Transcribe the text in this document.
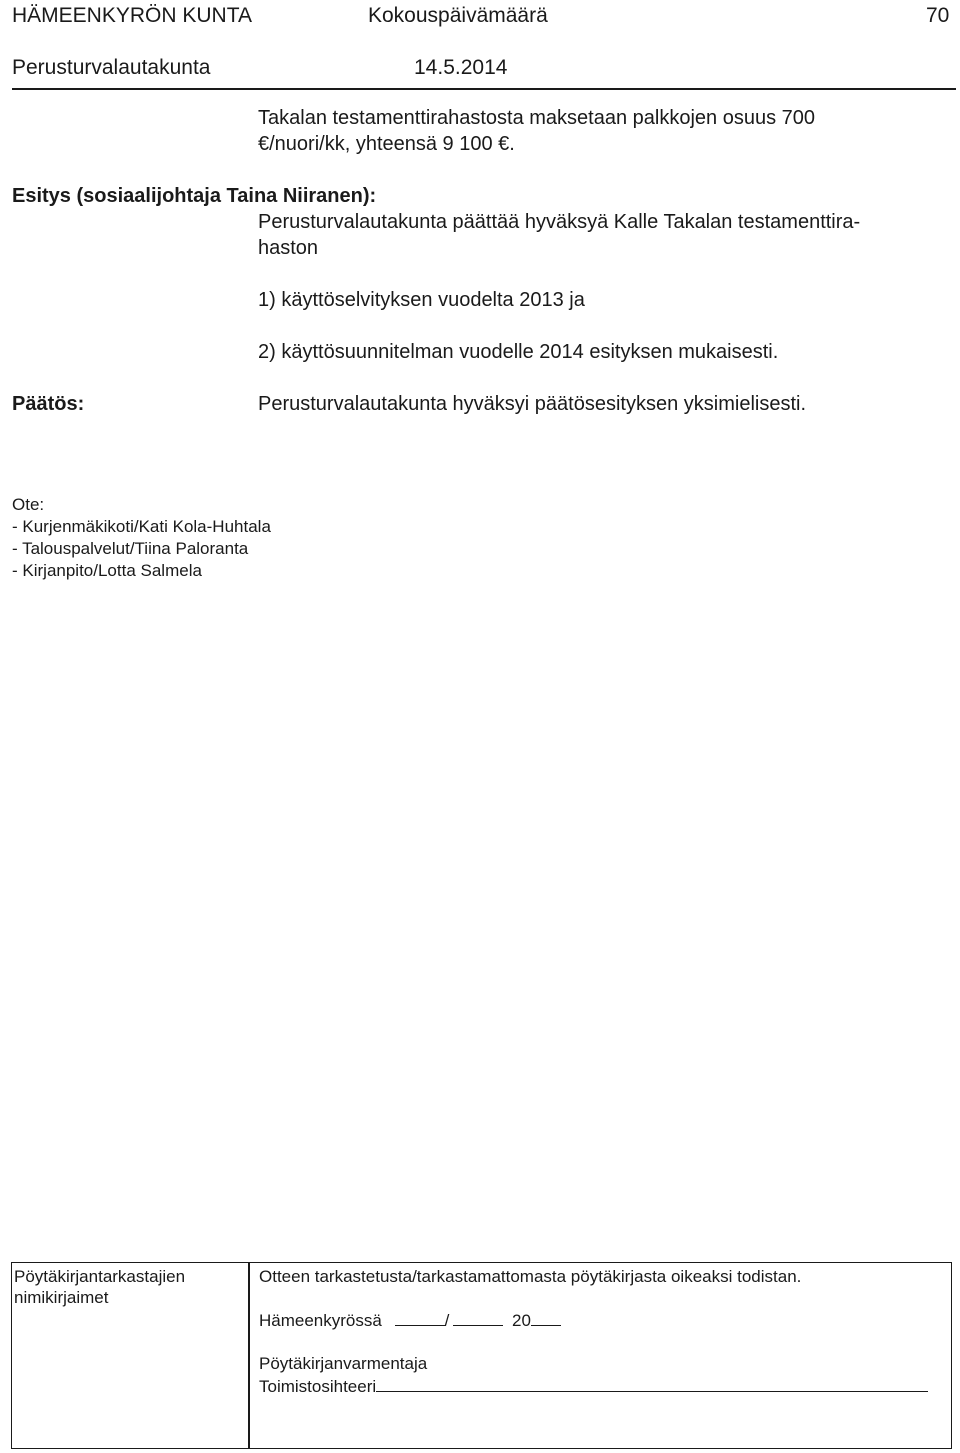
HÄMEENKYRÖN KUNTA	Kokouspäivämäärä	70
Perusturvalautakunta	14.5.2014
Takalan testamenttirahastosta maksetaan palkkojen osuus 700
€/nuori/kk, yhteensä 9 100 €.
Esitys (sosiaalijohtaja Taina Niiranen):
Perusturvalautakunta päättää hyväksyä Kalle Takalan testamenttira-
haston
1) käyttöselvityksen vuodelta 2013 ja
2) käyttösuunnitelman vuodelle 2014 esityksen mukaisesti.
Päätös:	Perusturvalautakunta hyväksyi päätösesityksen yksimielisesti.
Ote:
- Kurjenmäkikoti/Kati Kola-Huhtala
- Talouspalvelut/Tiina Paloranta
- Kirjanpito/Lotta Salmela
Pöytäkirjantarkastajien
nimikirjaimet
Otteen tarkastetusta/tarkastamattomasta pöytäkirjasta oikeaksi todistan.
Hämeenkyrössä	/	20
Pöytäkirjanvarmentaja
Toimistosihteeri
